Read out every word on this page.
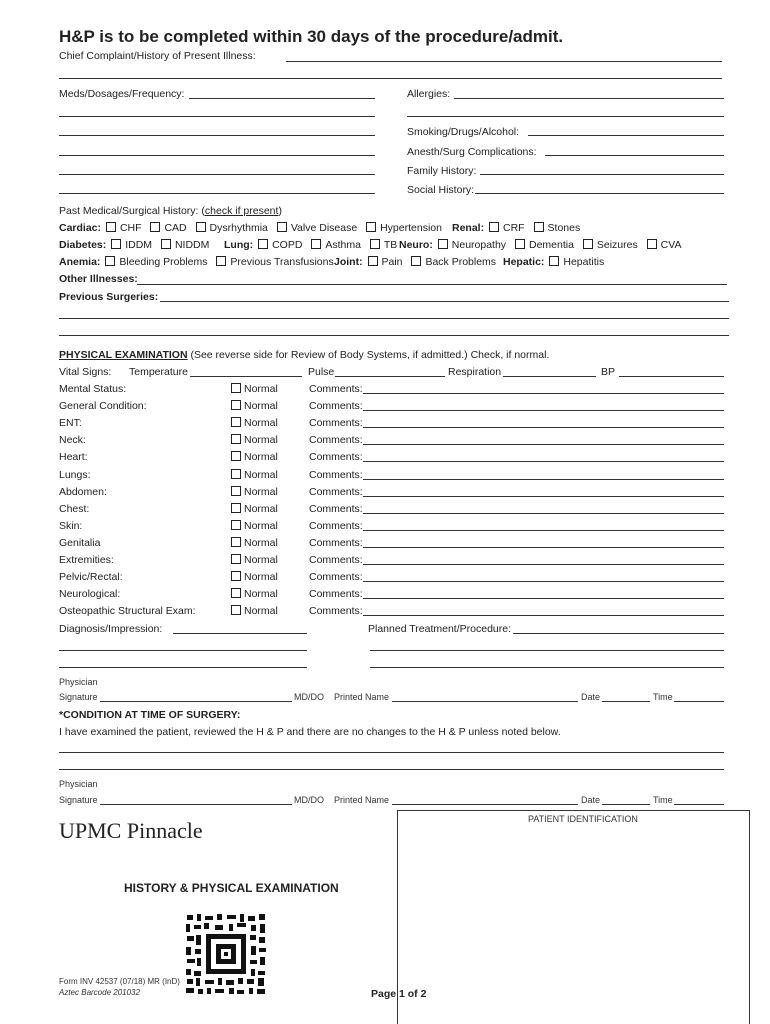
H&P is to be completed within 30 days of the procedure/admit.
Chief Complaint/History of Present Illness:
Meds/Dosages/Frequency:	Allergies:
Smoking/Drugs/Alcohol:
Anesth/Surg Complications:
Family History:
Social History:
Past Medical/Surgical History: (check if present)
Cardiac: CHF CAD Dysrhythmia Valve Disease Hypertension Renal: CRF Stones
Diabetes: IDDM NIDDM	Lung: COPD Asthma TB Neuro: Neuropathy Dementia Seizures CVA
Anemia: Bleeding Problems Previous Transfusions Joint: Pain Back Problems Hepatic: Hepatitis
Other Illnesses:
Previous Surgeries:
PHYSICAL EXAMINATION (See reverse side for Review of Body Systems, if admitted.) Check, if normal.
Vital Signs: Temperature	Pulse	Respiration	BP
Mental Status:	Normal	Comments:
General Condition:	Normal	Comments:
ENT:	Normal	Comments:
Neck:	Normal	Comments:
Heart:	Normal	Comments:
Lungs:	Normal	Comments:
Abdomen:	Normal	Comments:
Chest:	Normal	Comments:
Skin:	Normal	Comments:
Genitalia	Normal	Comments:
Extremities:	Normal	Comments:
Pelvic/Rectal:	Normal	Comments:
Neurological:	Normal	Comments:
Osteopathic Structural Exam:	Normal	Comments:
Diagnosis/Impression:	Planned Treatment/Procedure:
Physician
Signature	MD/DO Printed Name	Date	Time
*CONDITION AT TIME OF SURGERY:
I have examined the patient, reviewed the H & P and there are no changes to the H & P unless noted below.
Physician
Signature	MD/DO Printed Name	Date	Time
PATIENT IDENTIFICATION
UPMC Pinnacle
HISTORY & PHYSICAL EXAMINATION
Form INV 42537 (07/18) MR (InD)
Aztec Barcode 201032	Page 1 of 2
